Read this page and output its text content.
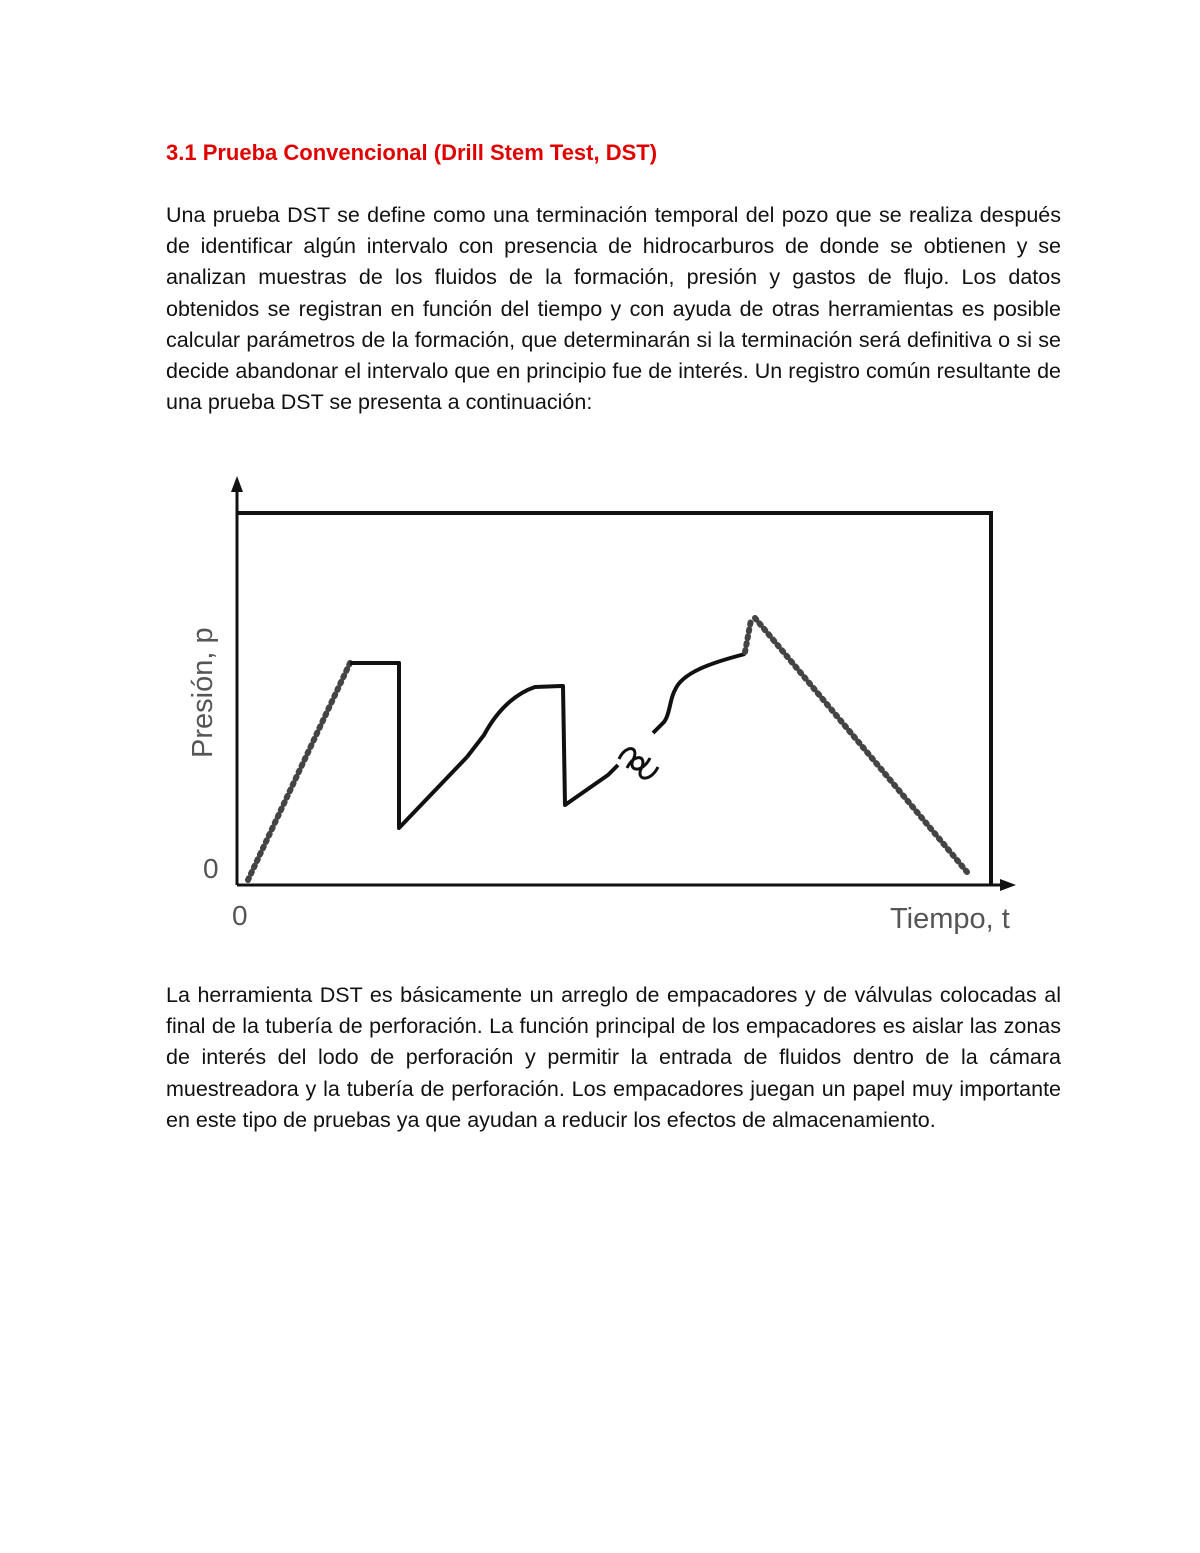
3.1 Prueba Convencional (Drill Stem Test, DST)

Una prueba DST se define como una terminación temporal del pozo que se realiza después de identificar algún intervalo con presencia de hidrocarburos de donde se obtienen y se analizan muestras de los fluidos de la formación, presión y gastos de flujo. Los datos obtenidos se registran en función del tiempo y con ayuda de otras herramientas es posible calcular parámetros de la formación, que determinarán si la terminación será definitiva o si se decide abandonar el intervalo que en principio fue de interés. Un registro común resultante de una prueba DST se presenta a continuación:

Presión, p
0
0	Tiempo, t

La herramienta DST es básicamente un arreglo de empacadores y de válvulas colocadas al final de la tubería de perforación. La función principal de los empacadores es aislar las zonas de interés del lodo de perforación y permitir la entrada de fluidos dentro de la cámara muestreadora y la tubería de perforación. Los empacadores juegan un papel muy importante en este tipo de pruebas ya que ayudan a reducir los efectos de almacenamiento.
